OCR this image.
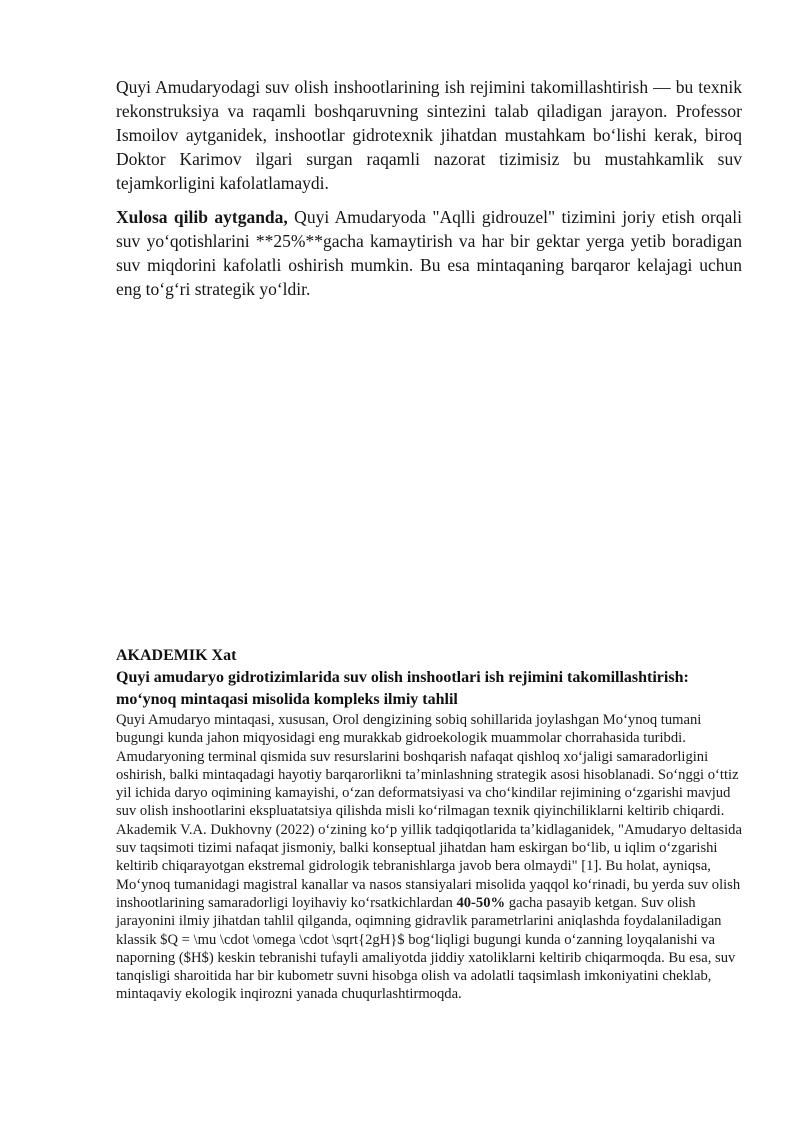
Quyi Amudaryodagi suv olish inshootlarining ish rejimini takomillashtirish — bu texnik rekonstruksiya va raqamli boshqaruvning sintezini talab qiladigan jarayon. Professor Ismoilov aytganidek, inshootlar gidrotexnik jihatdan mustahkam boʻlishi kerak, biroq Doktor Karimov ilgari surgan raqamli nazorat tizimisiz bu mustahkamlik suv tejamkorligini kafolatlamaydi.

Xulosa qilib aytganda, Quyi Amudaryoda "Aqlli gidrouzel" tizimini joriy etish orqali suv yoʻqotishlarini **25%**gacha kamaytirish va har bir gektar yerga yetib boradigan suv miqdorini kafolatli oshirish mumkin. Bu esa mintaqaning barqaror kelajagi uchun eng toʻgʻri strategik yoʻldir.

AKADEMIK Xat
Quyi amudaryo gidrotizimlarida suv olish inshootlari ish rejimini takomillashtirish: moʻynoq mintaqasi misolida kompleks ilmiy tahlil

Quyi Amudaryo mintaqasi, xususan, Orol dengizining sobiq sohillarida joylashgan Moʻynoq tumani bugungi kunda jahon miqyosidagi eng murakkab gidroekologik muammolar chorrahasida turibdi. Amudaryoning terminal qismida suv resurslarini boshqarish nafaqat qishloq xoʻjaligi samaradorligini oshirish, balki mintaqadagi hayotiy barqarorlikni taʼminlashning strategik asosi hisoblanadi. Soʻnggi oʻttiz yil ichida daryo oqimining kamayishi, oʻzan deformatsiyasi va choʻkindilar rejimining oʻzgarishi mavjud suv olish inshootlarini ekspluatatsiya qilishda misli koʻrilmagan texnik qiyinchiliklarni keltirib chiqardi. Akademik V.A. Dukhovny (2022) oʻzining koʻp yillik tadqiqotlarida taʼkidlaganidek, "Amudaryo deltasida suv taqsimoti tizimi nafaqat jismoniy, balki konseptual jihatdan ham eskirgan boʻlib, u iqlim oʻzgarishi keltirib chiqarayotgan ekstremal gidrologik tebranishlarga javob bera olmaydi" [1]. Bu holat, ayniqsa, Moʻynoq tumanidagi magistral kanallar va nasos stansiyalari misolida yaqqol koʻrinadi, bu yerda suv olish inshootlarining samaradorligi loyihaviy koʻrsatkichlardan 40-50% gacha pasayib ketgan. Suv olish jarayonini ilmiy jihatdan tahlil qilganda, oqimning gidravlik parametrlarini aniqlashda foydalaniladigan klassik $Q = \mu \cdot \omega \cdot \sqrt{2gH}$ bogʻliqligi bugungi kunda oʻzanning loyqalanishi va naporning ($H$) keskin tebranishi tufayli amaliyotda jiddiy xatoliklarni keltirib chiqarmoqda. Bu esa, suv tanqisligi sharoitida har bir kubometr suvni hisobga olish va adolatli taqsimlash imkoniyatini cheklab, mintaqaviy ekologik inqirozni yanada chuqurlashtirmoqda.
